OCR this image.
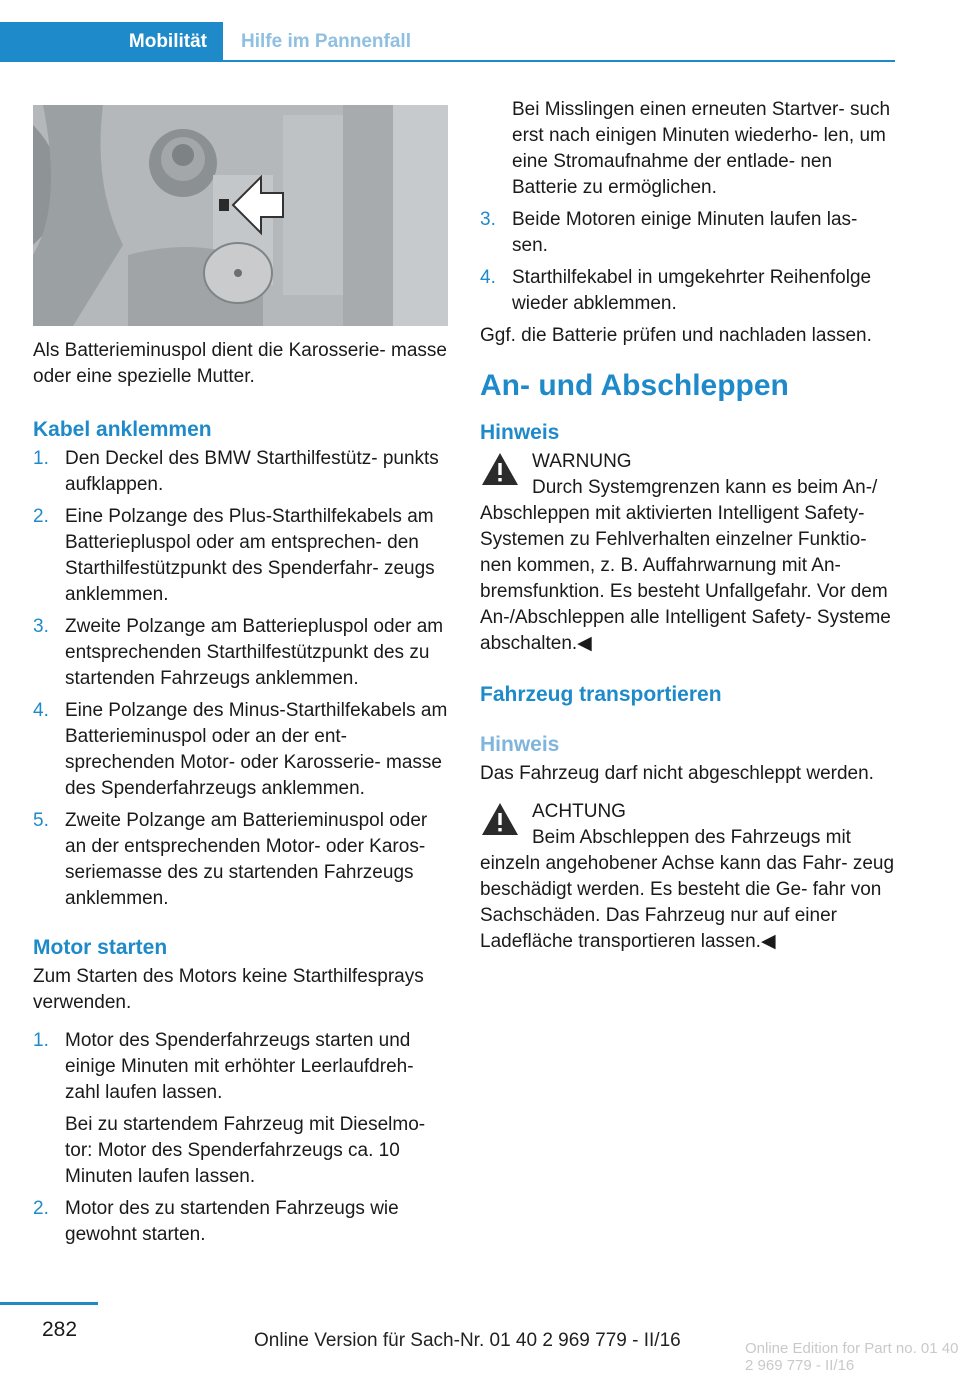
Mobilität Hilfe im Pannenfall

Als Batterieminuspol dient die Karosserie- masse oder eine spezielle Mutter.

Kabel anklemmen
1. Den Deckel des BMW Starthilfestütz- punkts aufklappen.
2. Eine Polzange des Plus-Starthilfekabels am Batteriepluspol oder am entsprechen- den Starthilfestützpunkt des Spenderfahr- zeugs anklemmen.
3. Zweite Polzange am Batteriepluspol oder am entsprechenden Starthilfestützpunkt des zu startenden Fahrzeugs anklemmen.
4. Eine Polzange des Minus-Starthilfekabels am Batterieminuspol oder an der ent- sprechenden Motor- oder Karosserie- masse des Spenderfahrzeugs anklemmen.
5. Zweite Polzange am Batterieminuspol oder an der entsprechenden Motor- oder Karos- seriemasse des zu startenden Fahrzeugs anklemmen.
Motor starten

Zum Starten des Motors keine Starthilfesprays verwenden.

1. Motor des Spenderfahrzeugs starten und einige Minuten mit erhöhter Leerlaufdreh- zahl laufen lassen.

Bei zu startendem Fahrzeug mit Dieselmo- tor: Motor des Spenderfahrzeugs ca. 10 Minuten laufen lassen.

2. Motor des zu startenden Fahrzeugs wie gewohnt starten.

Bei Misslingen einen erneuten Startver- such erst nach einigen Minuten wiederho- len, um eine Stromaufnahme der entlade- nen Batterie zu ermöglichen.

3. Beide Motoren einige Minuten laufen las- sen.
4. Starthilfekabel in umgekehrter Reihenfolge wieder abklemmen.

Ggf. die Batterie prüfen und nachladen lassen.

An- und Abschleppen
Hinweis

WARNUNG

Durch Systemgrenzen kann es beim An-/ Abschleppen mit aktivierten Intelligent Safety- Systemen zu Fehlverhalten einzelner Funktio- nen kommen, z. B. Auffahrwarnung mit An- bremsfunktion. Es besteht Unfallgefahr. Vor dem An-/Abschleppen alle Intelligent Safety- Systeme abschalten.◀

Fahrzeug transportieren
Hinweis

Das Fahrzeug darf nicht abgeschleppt werden.

ACHTUNG

Beim Abschleppen des Fahrzeugs mit einzeln angehobener Achse kann das Fahr- zeug beschädigt werden. Es besteht die Ge- fahr von Sachschäden. Das Fahrzeug nur auf einer Ladefläche transportieren lassen.◀

282	Online Version für Sach-Nr. 01 40 2 969 779 - II/16	Online Edition for Part no. 01 40 2 969 779 - II/16
